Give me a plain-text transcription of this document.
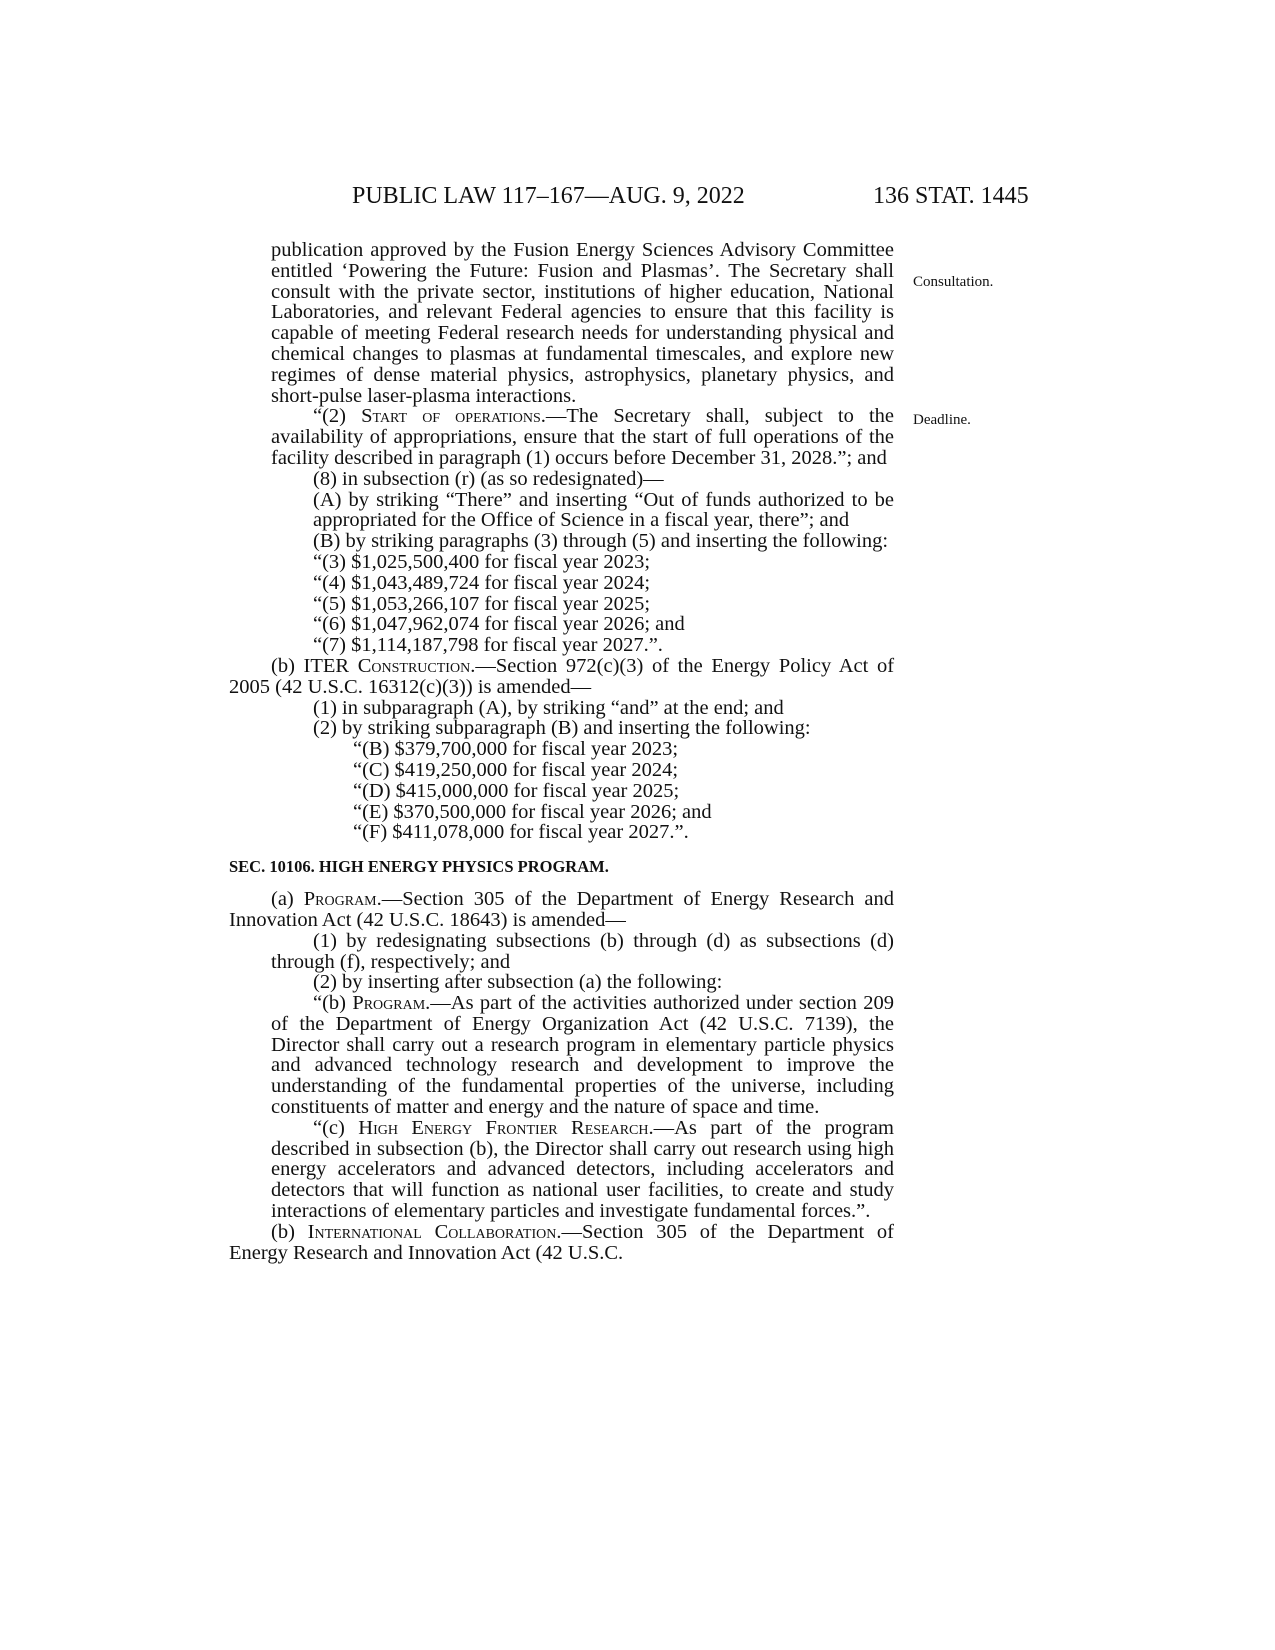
PUBLIC LAW 117–167—AUG. 9, 2022	136 STAT. 1445
Consultation.
Deadline.

publication approved by the Fusion Energy Sciences Advisory Committee entitled ‘Powering the Future: Fusion and Plasmas’. The Secretary shall consult with the private sector, institutions of higher education, National Laboratories, and relevant Federal agencies to ensure that this facility is capable of meeting Federal research needs for understanding physical and chemical changes to plasmas at fundamental timescales, and explore new regimes of dense material physics, astrophysics, planetary physics, and short-pulse laser-plasma interactions.

“(2) Start of operations.—The Secretary shall, subject to the availability of appropriations, ensure that the start of full operations of the facility described in paragraph (1) occurs before December 31, 2028.”; and

(8) in subsection (r) (as so redesignated)—

(A) by striking “There” and inserting “Out of funds authorized to be appropriated for the Office of Science in a fiscal year, there”; and

(B) by striking paragraphs (3) through (5) and inserting the following:

“(3) $1,025,500,400 for fiscal year 2023;

“(4) $1,043,489,724 for fiscal year 2024;

“(5) $1,053,266,107 for fiscal year 2025;

“(6) $1,047,962,074 for fiscal year 2026; and

“(7) $1,114,187,798 for fiscal year 2027.”.

(b) ITER Construction.—Section 972(c)(3) of the Energy Policy Act of 2005 (42 U.S.C. 16312(c)(3)) is amended—

(1) in subparagraph (A), by striking “and” at the end; and

(2) by striking subparagraph (B) and inserting the following:

“(B) $379,700,000 for fiscal year 2023;

“(C) $419,250,000 for fiscal year 2024;

“(D) $415,000,000 for fiscal year 2025;

“(E) $370,500,000 for fiscal year 2026; and

“(F) $411,078,000 for fiscal year 2027.”.

SEC. 10106. HIGH ENERGY PHYSICS PROGRAM.

(a) Program.—Section 305 of the Department of Energy Research and Innovation Act (42 U.S.C. 18643) is amended—

(1) by redesignating subsections (b) through (d) as subsections (d) through (f), respectively; and

(2) by inserting after subsection (a) the following:

“(b) Program.—As part of the activities authorized under section 209 of the Department of Energy Organization Act (42 U.S.C. 7139), the Director shall carry out a research program in elementary particle physics and advanced technology research and development to improve the understanding of the fundamental properties of the universe, including constituents of matter and energy and the nature of space and time.

“(c) High Energy Frontier Research.—As part of the program described in subsection (b), the Director shall carry out research using high energy accelerators and advanced detectors, including accelerators and detectors that will function as national user facilities, to create and study interactions of elementary particles and investigate fundamental forces.”.

(b) International Collaboration.—Section 305 of the Department of Energy Research and Innovation Act (42 U.S.C.
